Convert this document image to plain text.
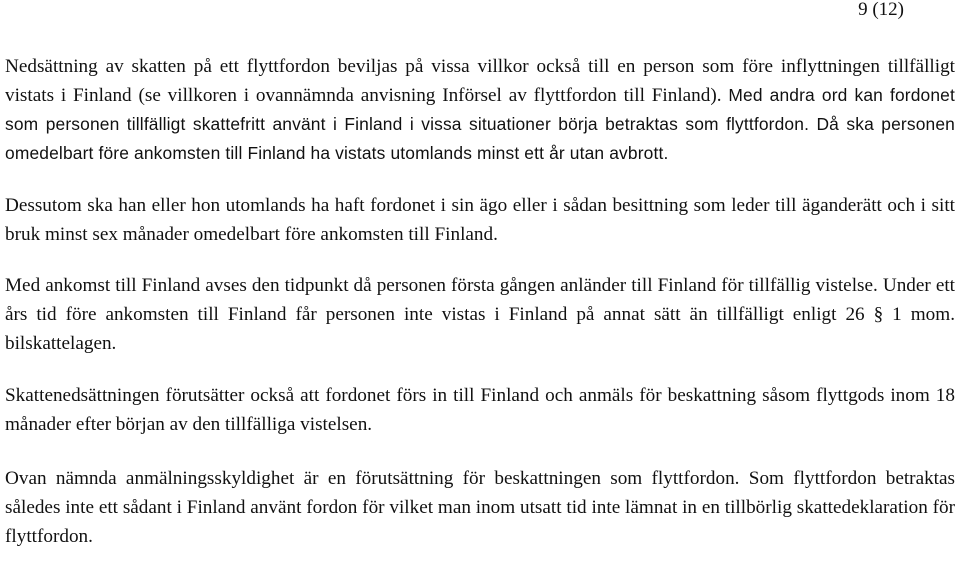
9 (12)

Nedsättning av skatten på ett flyttfordon beviljas på vissa villkor också till en person som före inflyttningen tillfälligt vistats i Finland (se villkoren i ovannämnda anvisning Införsel av flyttfordon till Finland). Med andra ord kan fordonet som personen tillfälligt skattefritt använt i Finland i vissa situationer börja betraktas som flyttfordon. Då ska personen omedelbart före ankomsten till Finland ha vistats utomlands minst ett år utan avbrott.

Dessutom ska han eller hon utomlands ha haft fordonet i sin ägo eller i sådan besittning som leder till äganderätt och i sitt bruk minst sex månader omedelbart före ankomsten till Finland.

Med ankomst till Finland avses den tidpunkt då personen första gången anländer till Finland för tillfällig vistelse. Under ett års tid före ankomsten till Finland får personen inte vistas i Finland på annat sätt än tillfälligt enligt 26 § 1 mom. bilskattelagen.

Skattenedsättningen förutsätter också att fordonet förs in till Finland och anmäls för beskattning såsom flyttgods inom 18 månader efter början av den tillfälliga vistelsen.

Ovan nämnda anmälningsskyldighet är en förutsättning för beskattningen som flyttfordon. Som flyttfordon betraktas således inte ett sådant i Finland använt fordon för vilket man inom utsatt tid inte lämnat in en tillbörlig skattedeklaration för flyttfordon.
